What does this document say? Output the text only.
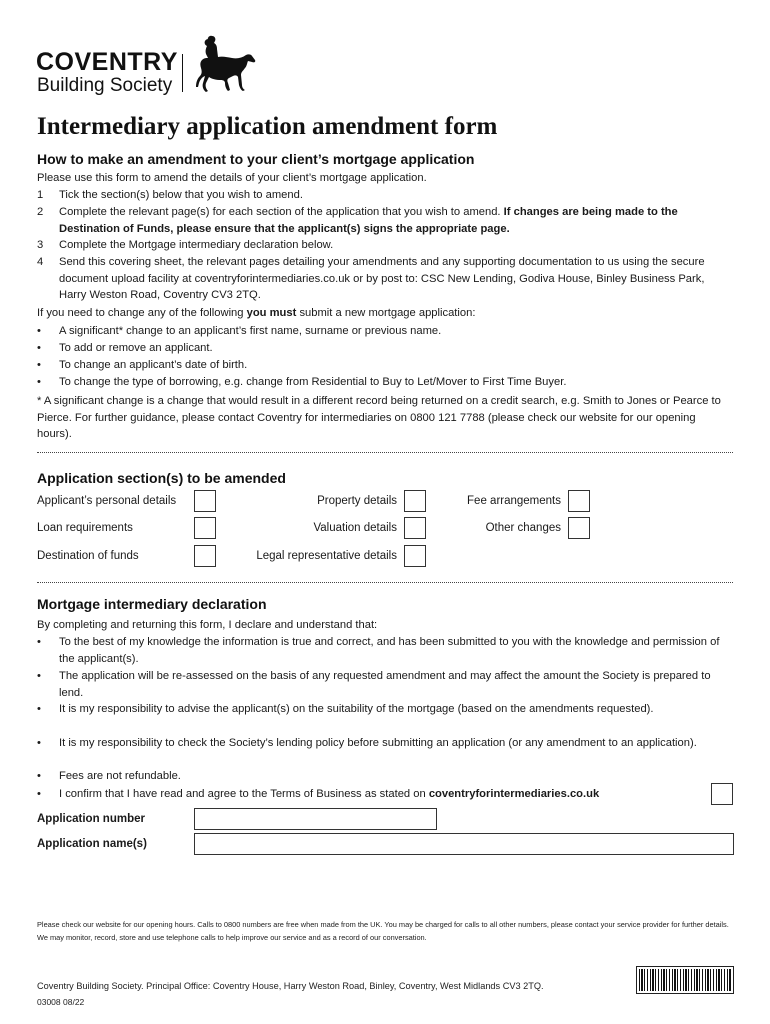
COVENTRY
Building Society
Intermediary application amendment form
How to make an amendment to your client’s mortgage application
Please use this form to amend the details of your client’s mortgage application.
1 Tick the section(s) below that you wish to amend.
2 Complete the relevant page(s) for each section of the application that you wish to amend. If changes are being made to the Destination of Funds, please ensure that the applicant(s) signs the appropriate page.
3 Complete the Mortgage intermediary declaration below.
4 Send this covering sheet, the relevant pages detailing your amendments and any supporting documentation to us using the secure document upload facility at coventryforintermediaries.co.uk or by post to: CSC New Lending, Godiva House, Binley Business Park, Harry Weston Road, Coventry CV3 2TQ.
If you need to change any of the following you must submit a new mortgage application:
• A significant* change to an applicant’s first name, surname or previous name.
• To add or remove an applicant.
• To change an applicant’s date of birth.
• To change the type of borrowing, e.g. change from Residential to Buy to Let/Mover to First Time Buyer.
* A significant change is a change that would result in a different record being returned on a credit search, e.g. Smith to Jones or Pearce to Pierce. For further guidance, please contact Coventry for intermediaries on 0800 121 7788 (please check our website for our opening hours).
Application section(s) to be amended
Applicant’s personal details
Loan requirements
Destination of funds
Property details
Valuation details
Legal representative details
Fee arrangements
Other changes
Mortgage intermediary declaration
By completing and returning this form, I declare and understand that:
• To the best of my knowledge the information is true and correct, and has been submitted to you with the knowledge and permission of the applicant(s).
• The application will be re-assessed on the basis of any requested amendment and may affect the amount the Society is prepared to lend.
• It is my responsibility to advise the applicant(s) on the suitability of the mortgage (based on the amendments requested).
• It is my responsibility to check the Society’s lending policy before submitting an application (or any amendment to an application).
• Fees are not refundable.
• I confirm that I have read and agree to the Terms of Business as stated on coventryforintermediaries.co.uk
Application number
Application name(s)
Please check our website for our opening hours. Calls to 0800 numbers are free when made from the UK. You may be charged for calls to all other numbers, please contact your service provider for further details. We may monitor, record, store and use telephone calls to help improve our service and as a record of our conversation.
Coventry Building Society. Principal Office: Coventry House, Harry Weston Road, Binley, Coventry, West Midlands CV3 2TQ.
03008 08/22
